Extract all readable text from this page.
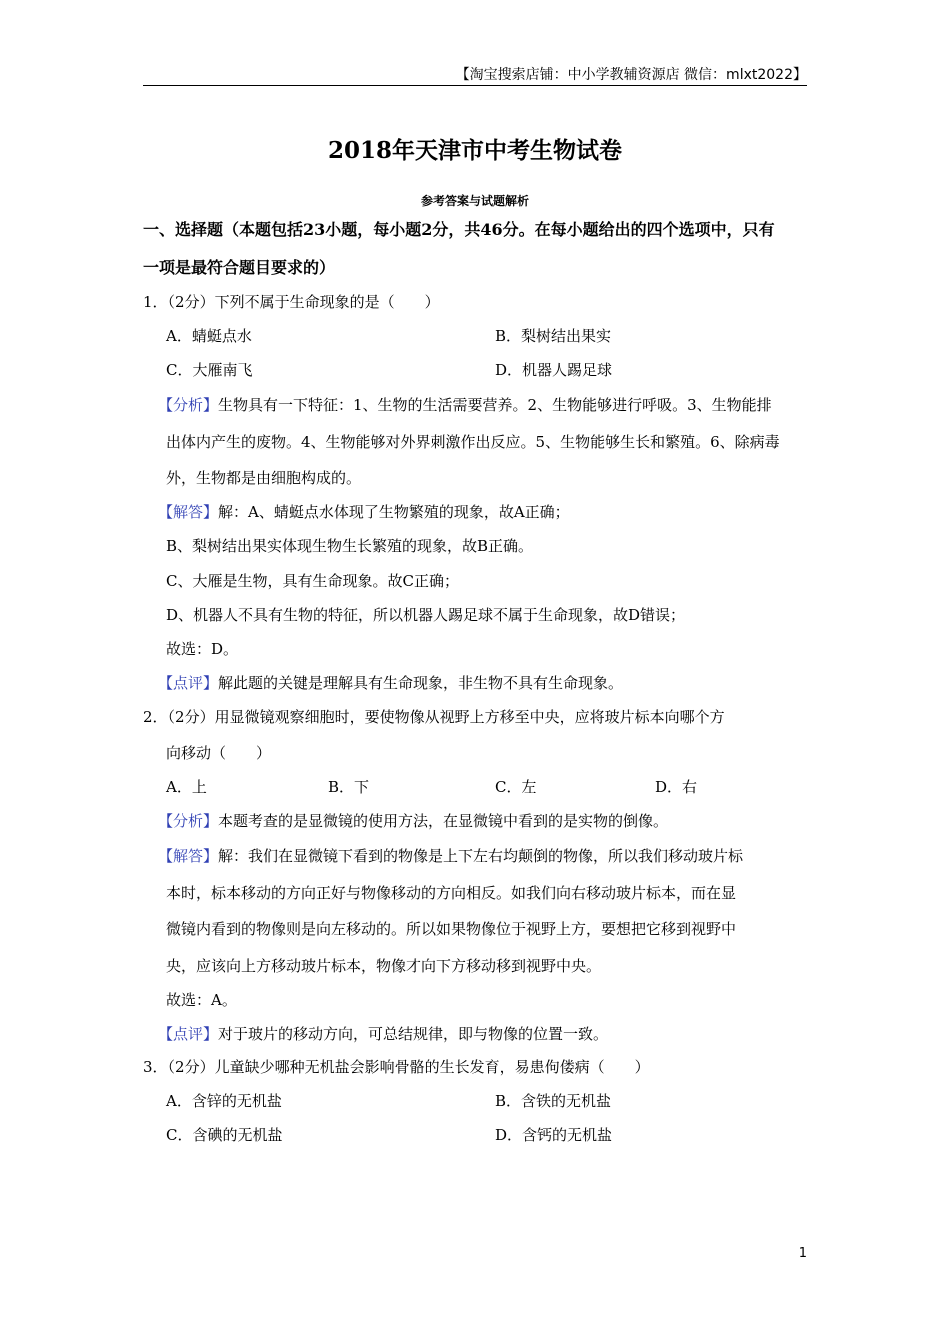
【淘宝搜索店铺：中小学教辅资源店 微信：mlxt2022】
2018年天津市中考生物试卷
参考答案与试题解析
一、选择题（本题包括23小题，每小题2分，共46分。在每小题给出的四个选项中，只有
一项是最符合题目要求的）
1．（2分）下列不属于生命现象的是（　　）
A．蜻蜓点水	B．梨树结出果实
C．大雁南飞	D．机器人踢足球
【分析】生物具有一下特征：1、生物的生活需要营养。2、生物能够进行呼吸。3、生物能排
出体内产生的废物。4、生物能够对外界刺激作出反应。5、生物能够生长和繁殖。6、除病毒
外，生物都是由细胞构成的。
【解答】解：A、蜻蜓点水体现了生物繁殖的现象，故A正确；
B、梨树结出果实体现生物生长繁殖的现象，故B正确。
C、大雁是生物，具有生命现象。故C正确；
D、机器人不具有生物的特征，所以机器人踢足球不属于生命现象，故D错误；
故选：D。
【点评】解此题的关键是理解具有生命现象，非生物不具有生命现象。
2．（2分）用显微镜观察细胞时，要使物像从视野上方移至中央，应将玻片标本向哪个方
向移动（　　）
A．上	B．下	C．左	D．右
【分析】本题考查的是显微镜的使用方法，在显微镜中看到的是实物的倒像。
【解答】解：我们在显微镜下看到的物像是上下左右均颠倒的物像，所以我们移动玻片标
本时，标本移动的方向正好与物像移动的方向相反。如我们向右移动玻片标本，而在显
微镜内看到的物像则是向左移动的。所以如果物像位于视野上方，要想把它移到视野中
央，应该向上方移动玻片标本，物像才向下方移动移到视野中央。
故选：A。
【点评】对于玻片的移动方向，可总结规律，即与物像的位置一致。
3．（2分）儿童缺少哪种无机盐会影响骨骼的生长发育，易患佝偻病（　　）
A．含锌的无机盐	B．含铁的无机盐
C．含碘的无机盐	D．含钙的无机盐
1
